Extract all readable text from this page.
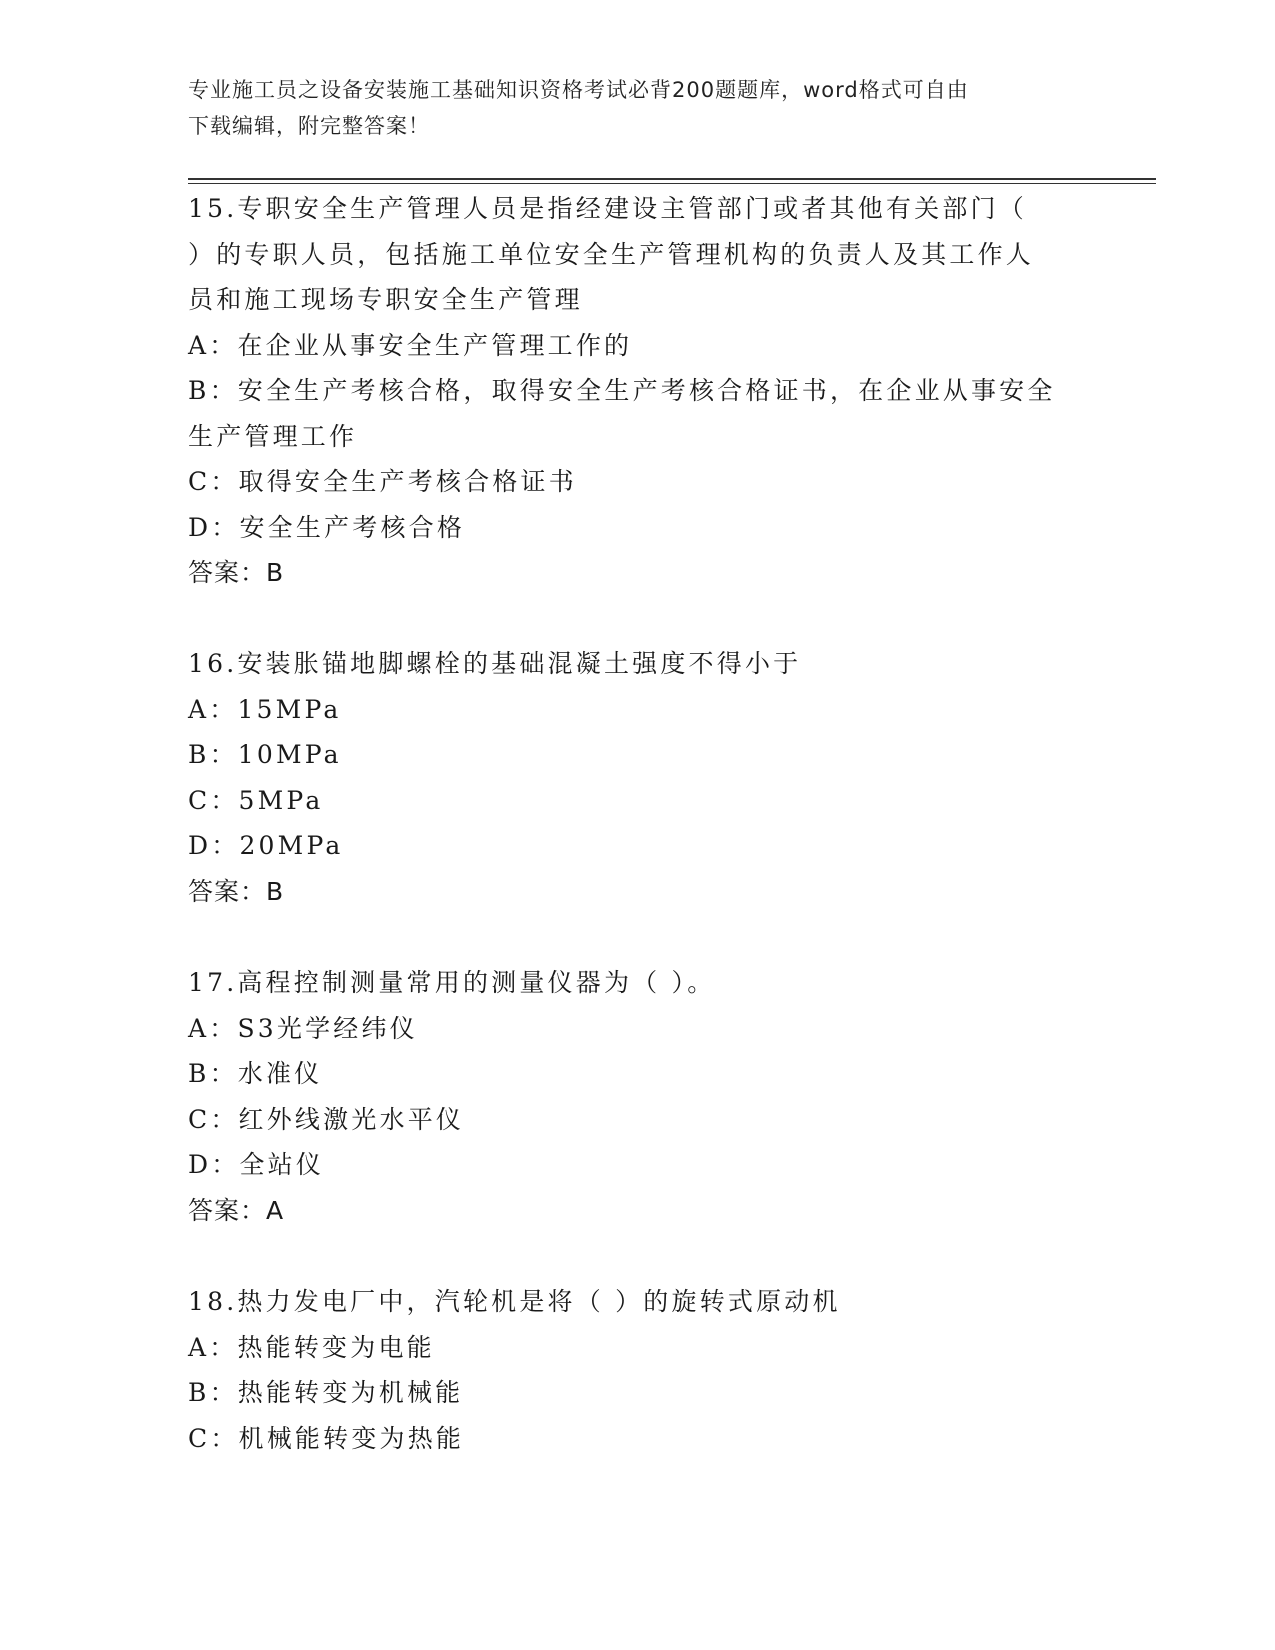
专业施工员之设备安装施工基础知识资格考试必背200题题库，word格式可自由
下载编辑，附完整答案！

15.专职安全生产管理人员是指经建设主管部门或者其他有关部门（

）的专职人员，包括施工单位安全生产管理机构的负责人及其工作人

员和施工现场专职安全生产管理

A：在企业从事安全生产管理工作的

B：安全生产考核合格，取得安全生产考核合格证书，在企业从事安全

生产管理工作

C：取得安全生产考核合格证书

D：安全生产考核合格

答案：B

16.安装胀锚地脚螺栓的基础混凝土强度不得小于

A：15MPa

B：10MPa

C：5MPa

D：20MPa

答案：B

17.高程控制测量常用的测量仪器为（ ）。

A：S3光学经纬仪

B：水准仪

C：红外线激光水平仪

D：全站仪

答案：A

18.热力发电厂中，汽轮机是将（ ）的旋转式原动机

A：热能转变为电能

B：热能转变为机械能

C：机械能转变为热能
